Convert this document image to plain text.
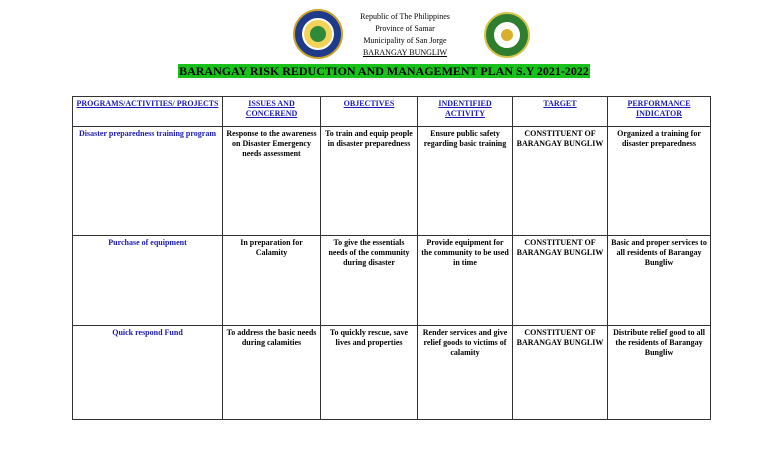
Republic of The Philippines
Province of Samar
Municipality of San Jorge
BARANGAY BUNGLIW
BARANGAY RISK REDUCTION AND MANAGEMENT PLAN S.Y 2021-2022
PROGRAMS/ACTIVITIES/ PROJECTS	ISSUES AND CONCEREND	OBJECTIVES	INDENTIFIED ACTIVITY	TARGET	PERFORMANCE INDICATOR
Disaster preparedness training program	Response to the awareness on Disaster Emergency needs assessment	To train and equip people in disaster preparedness	Ensure public safety regarding basic training	CONSTITUENT OF BARANGAY BUNGLIW	Organized a training for disaster preparedness
Purchase of equipment	In preparation for Calamity	To give the essentials needs of the community during disaster	Provide equipment for the community to be used in time	CONSTITUENT OF BARANGAY BUNGLIW	Basic and proper services to all residents of Barangay Bungliw
Quick respond Fund	To address the basic needs during calamities	To quickly rescue, save lives and properties	Render services and give relief goods to victims of calamity	CONSTITUENT OF BARANGAY BUNGLIW	Distribute relief good to all the residents of Barangay Bungliw
